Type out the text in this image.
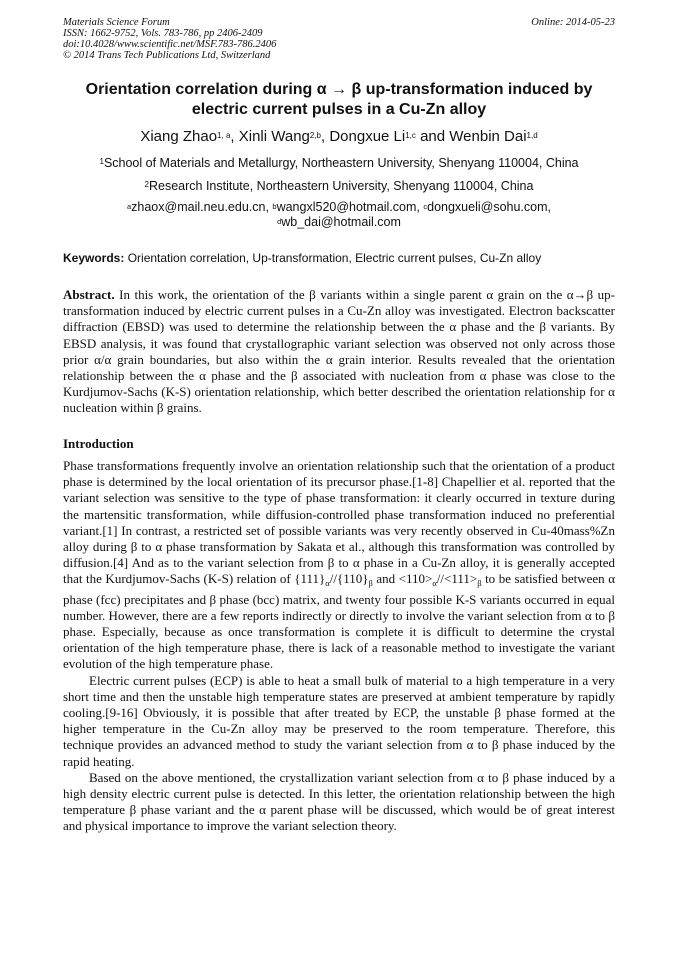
Materials Science Forum
ISSN: 1662-9752, Vols. 783-786, pp 2406-2409
doi:10.4028/www.scientific.net/MSF.783-786.2406
© 2014 Trans Tech Publications Ltd, Switzerland
Online: 2014-05-23
Orientation correlation during α → β up-transformation induced by
electric current pulses in a Cu-Zn alloy
Xiang Zhao$^{1, a}$, Xinli Wang$^{2,b}$, Dongxue Li$^{1,c}$ and Wenbin Dai$^{1,d}$
$^1$School of Materials and Metallurgy, Northeastern University, Shenyang 110004, China
$^2$Research Institute, Northeastern University, Shenyang 110004, China
$^a$zhaox@mail.neu.edu.cn, $^b$wangxl520@hotmail.com, $^c$dongxueli@sohu.com,
$^d$wb_dai@hotmail.com
Keywords: Orientation correlation, Up-transformation, Electric current pulses, Cu-Zn alloy
Abstract. In this work, the orientation of the β variants within a single parent α grain on the α→β up-transformation induced by electric current pulses in a Cu-Zn alloy was investigated. Electron backscatter diffraction (EBSD) was used to determine the relationship between the α phase and the β variants. By EBSD analysis, it was found that crystallographic variant selection was observed not only across those prior α/α grain boundaries, but also within the α grain interior. Results revealed that the orientation relationship between the α phase and the β associated with nucleation from α phase was close to the Kurdjumov-Sachs (K-S) orientation relationship, which better described the orientation relationship for α nucleation within β grains.
Introduction

Phase transformations frequently involve an orientation relationship such that the orientation of a product phase is determined by the local orientation of its precursor phase.[1-8] Chapellier et al. reported that the variant selection was sensitive to the type of phase transformation: it clearly occurred in texture during the martensitic transformation, while diffusion-controlled phase transformation induced no preferential variant.[1] In contrast, a restricted set of possible variants was very recently observed in Cu-40mass%Zn alloy during β to α phase transformation by Sakata et al., although this transformation was controlled by diffusion.[4] And as to the variant selection from β to α phase in a Cu-Zn alloy, it is generally accepted that the Kurdjumov-Sachs (K-S) relation of $\{111\}_\alpha//\{110\}_\beta$ and $<110>_\alpha//<111>_\beta$ to be satisfied between α phase (fcc) precipitates and β phase (bcc) matrix, and twenty four possible K-S variants occurred in equal number. However, there are a few reports indirectly or directly to involve the variant selection from α to β phase. Especially, because as once transformation is complete it is difficult to determine the crystal orientation of the high temperature phase, there is lack of a reasonable method to investigate the variant evolution of the high temperature phase.

Electric current pulses (ECP) is able to heat a small bulk of material to a high temperature in a very short time and then the unstable high temperature states are preserved at ambient temperature by rapidly cooling.[9-16] Obviously, it is possible that after treated by ECP, the unstable β phase formed at the higher temperature in the Cu-Zn alloy may be preserved to the room temperature. Therefore, this technique provides an advanced method to study the variant selection from α to β phase induced by the rapid heating.

Based on the above mentioned, the crystallization variant selection from α to β phase induced by a high density electric current pulse is detected. In this letter, the orientation relationship between the high temperature β phase variant and the α parent phase will be discussed, which would be of great interest and physical importance to improve the variant selection theory.
